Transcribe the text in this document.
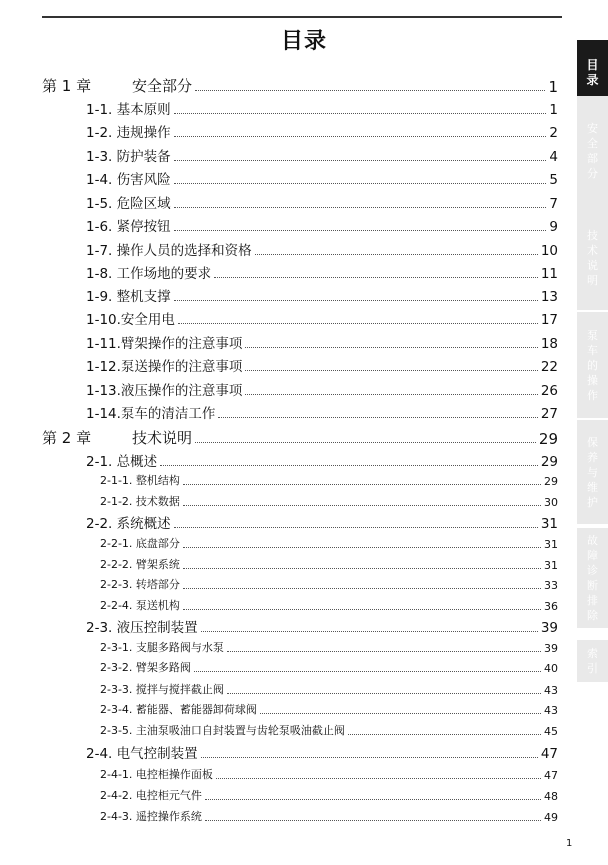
目录
第 1 章	安全部分	1
1-1. 基本原则	1
1-2. 违规操作	2
1-3. 防护装备	4
1-4. 伤害风险	5
1-5. 危险区域	7
1-6. 紧停按钮	9
1-7. 操作人员的选择和资格	10
1-8. 工作场地的要求	11
1-9. 整机支撑	13
1-10.安全用电	17
1-11.臂架操作的注意事项	18
1-12.泵送操作的注意事项	22
1-13.液压操作的注意事项	26
1-14.泵车的清洁工作	27
第 2 章	技术说明	29
2-1. 总概述	29
2-1-1. 整机结构	29
2-1-2. 技术数据	30
2-2. 系统概述	31
2-2-1. 底盘部分	31
2-2-2. 臂架系统	31
2-2-3. 转塔部分	33
2-2-4. 泵送机构	36
2-3. 液压控制装置	39
2-3-1. 支腿多路阀与水泵	39
2-3-2. 臂架多路阀	40
2-3-3. 搅拌与搅拌截止阀	43
2-3-4. 蓄能器、蓄能器卸荷球阀	43
2-3-5. 主油泵吸油口自封装置与齿轮泵吸油截止阀	45
2-4. 电气控制装置	47
2-4-1. 电控柜操作面板	47
2-4-2. 电控柜元气件	48
2-4-3. 遥控操作系统	49
目
录
安
全
部
分
技
术
说
明
泵
车
的
操
作
保
养
与
维
护
故
障
诊
断
排
除
索
引
1
